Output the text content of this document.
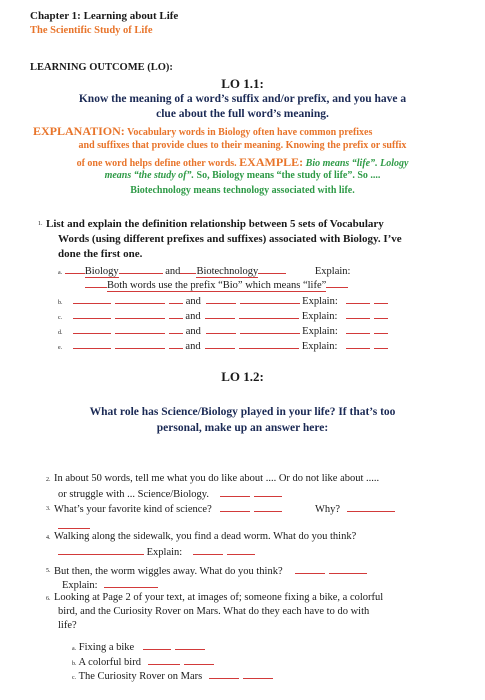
Chapter 1: Learning about Life
The Scientific Study of Life
LEARNING OUTCOME (LO):
LO 1.1:
Know the meaning of a word’s suffix and/or prefix, and you have a
clue about the full word’s meaning.
EXPLANATION: Vocabulary words in Biology often have common prefixes
and suffixes that provide clues to their meaning. Knowing the prefix or suffix
of one word helps define other words. EXAMPLE: Bio means “life”. Lology
means “the study of”. So, Biology means “the study of life”. So ....
Biotechnology means technology associated with life.
1. List and explain the definition relationship between 5 sets of Vocabulary
Words (using different prefixes and suffixes) associated with Biology. I’ve
done the first one.
a. Biology	and Biotechnology	Explain:
Both words use the prefix “Bio” which means “life”
b.	and	Explain:
c.	and	Explain:
d.	and	Explain:
e.	and	Explain:
LO 1.2:
What role has Science/Biology played in your life? If that’s too
personal, make up an answer here:
2. In about 50 words, tell me what you do like about .... Or do not like about .....
or struggle with ... Science/Biology.
3. What’s your favorite kind of science?	Why?
4. Walking along the sidewalk, you find a dead worm. What do you think?
Explain:
5. But then, the worm wiggles away. What do you think?
Explain:
6. Looking at Page 2 of your text, at images of; someone fixing a bike, a colorful
bird, and the Curiosity Rover on Mars. What do they each have to do with
life?
a. Fixing a bike
b. A colorful bird
c. The Curiosity Rover on Mars
